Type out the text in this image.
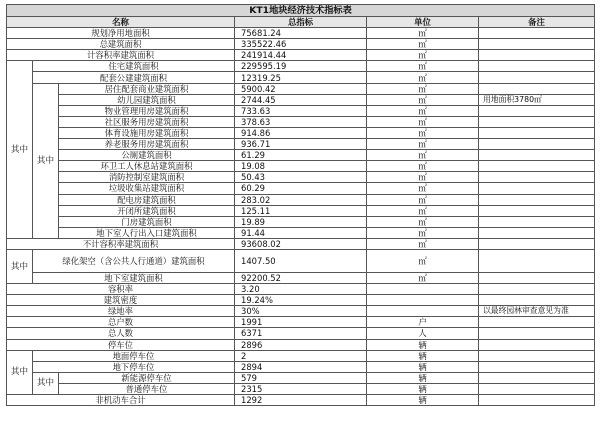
KT1地块经济技术指标表					
名称			总指标	单位	备注
规划净用地面积			75681.24	㎡	
总建筑面积			335522.46	㎡	
计容积率建筑面积			241914.44	㎡	
其中	住宅建筑面积		229595.19	㎡	
	配套公建建筑面积		12319.25	㎡	
	其中	居住配套商业建筑面积	5900.42	㎡	
		幼儿园建筑面积	2744.45	㎡	用地面积3780㎡
		物业管理用房建筑面积	733.63	㎡	
		社区服务用房建筑面积	378.63	㎡	
		体育设施用房建筑面积	914.86	㎡	
		养老服务用房建筑面积	936.71	㎡	
		公厕建筑面积	61.29	㎡	
		环卫工人休息站建筑面积	19.08	㎡	
		消防控制室建筑面积	50.43	㎡	
		垃圾收集站建筑面积	60.29	㎡	
		配电房建筑面积	283.02	㎡	
		开闭所建筑面积	125.11	㎡	
		门房建筑面积	19.89	㎡	
		地下室人行出入口建筑面积	91.44	㎡	
不计容积率建筑面积			93608.02	㎡	
其中	绿化架空（含公共人行通道）建筑面积		1407.50	㎡	
	地下室建筑面积		92200.52	㎡	
容积率			3.20		
建筑密度			19.24%		
绿地率			30%		以最终园林审查意见为准
总户数			1991	户	
总人数			6371	人	
停车位			2896	辆	
其中	地面停车位		2	辆	
	地下停车位		2894	辆	
	其中	新能源停车位	579	辆	
		普通停车位	2315	辆	
非机动车合计			1292	辆	
